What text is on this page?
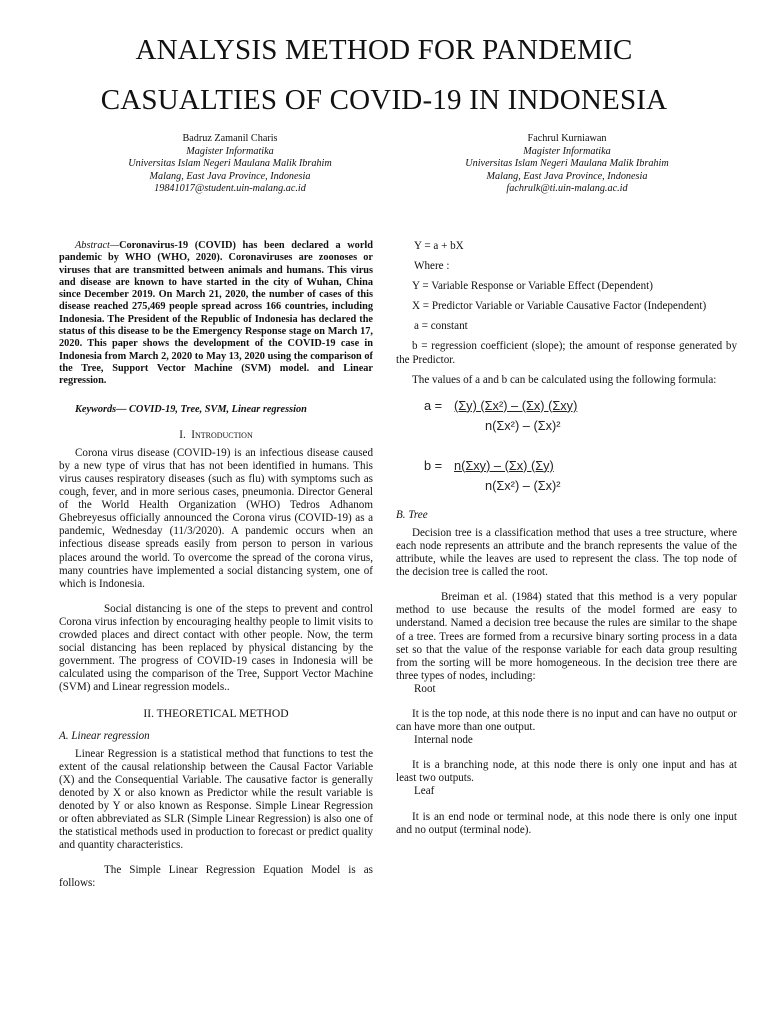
ANALYSIS METHOD FOR PANDEMIC
CASUALTIES OF COVID-19 IN INDONESIA
Badruz Zamanil Charis
Magister Informatika
Universitas Islam Negeri Maulana Malik Ibrahim
Malang, East Java Province, Indonesia
19841017@student.uin-malang.ac.id
Fachrul Kurniawan
Magister Informatika
Universitas Islam Negeri Maulana Malik Ibrahim
Malang, East Java Province, Indonesia
fachrulk@ti.uin-malang.ac.id

Abstract—Coronavirus-19 (COVID) has been declared a world pandemic by WHO (WHO, 2020). Coronaviruses are zoonoses or viruses that are transmitted between animals and humans. This virus and disease are known to have started in the city of Wuhan, China since December 2019. On March 21, 2020, the number of cases of this disease reached 275,469 people spread across 166 countries, including Indonesia. The President of the Republic of Indonesia has declared the status of this disease to be the Emergency Response stage on March 17, 2020. This paper shows the development of the COVID-19 case in Indonesia from March 2, 2020 to May 13, 2020 using the comparison of the Tree, Support Vector Machine (SVM) model. and Linear regression.

Keywords— COVID-19, Tree, SVM, Linear regression

I. Introduction

Corona virus disease (COVID-19) is an infectious disease caused by a new type of virus that has not been identified in humans. This virus causes respiratory diseases (such as flu) with symptoms such as cough, fever, and in more serious cases, pneumonia. Director General of the World Health Organization (WHO) Tedros Adhanom Ghebreyesus officially announced the Corona virus (COVID-19) as a pandemic, Wednesday (11/3/2020). A pandemic occurs when an infectious disease spreads easily from person to person in various places around the world. To overcome the spread of the corona virus, many countries have implemented a social distancing system, one of which is Indonesia.

Social distancing is one of the steps to prevent and control Corona virus infection by encouraging healthy people to limit visits to crowded places and direct contact with other people. Now, the term social distancing has been replaced by physical distancing by the government. The progress of COVID-19 cases in Indonesia will be calculated using the comparison of the Tree, Support Vector Machine (SVM) and Linear regression models..

II. THEORETICAL METHOD
A. Linear regression

Linear Regression is a statistical method that functions to test the extent of the causal relationship between the Causal Factor Variable (X) and the Consequential Variable. The causative factor is generally denoted by X or also known as Predictor while the result variable is denoted by Y or also known as Response. Simple Linear Regression or often abbreviated as SLR (Simple Linear Regression) is also one of the statistical methods used in production to forecast or predict quality and quantity characteristics.

The Simple Linear Regression Equation Model is as follows:

Y = a + bX

Where :

Y = Variable Response or Variable Effect (Dependent)

X = Predictor Variable or Variable Causative Factor (Independent)

a = constant

b = regression coefficient (slope); the amount of response generated by the Predictor.

The values of a and b can be calculated using the following formula:

a = (Σy) (Σx²) – (Σx) (Σxy)
n(Σx²) – (Σx)²
b = n(Σxy) – (Σx) (Σy)
n(Σx²) – (Σx)²
B. Tree

Decision tree is a classification method that uses a tree structure, where each node represents an attribute and the branch represents the value of the attribute, while the leaves are used to represent the class. The top node of the decision tree is called the root.

Breiman et al. (1984) stated that this method is a very popular method to use because the results of the model formed are easy to understand. Named a decision tree because the rules are similar to the shape of a tree. Trees are formed from a recursive binary sorting process in a data set so that the value of the response variable for each data group resulting from the sorting will be more homogeneous. In the decision tree there are three types of nodes, including:

Root

It is the top node, at this node there is no input and can have no output or can have more than one output.

Internal node

It is a branching node, at this node there is only one input and has at least two outputs.

Leaf

It is an end node or terminal node, at this node there is only one input and no output (terminal node).
